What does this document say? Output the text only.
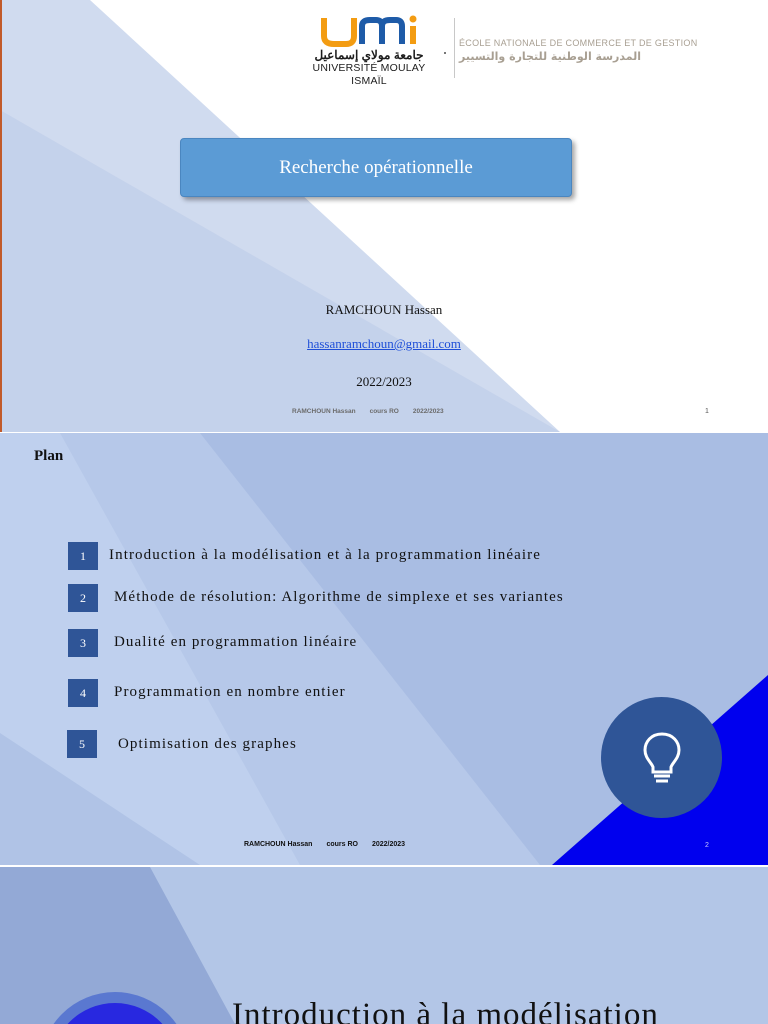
جامعة مولاي إسماعيل
UNIVERSITÉ MOULAY ISMAÏL
ÉCOLE NATIONALE DE COMMERCE ET DE GESTION
المدرسة الوطنية للتجارة والتسيير
Recherche opérationnelle
RAMCHOUN Hassan
hassanramchoun@gmail.com
2022/2023
RAMCHOUN Hassan cours RO 2022/2023	1
Plan
1	Introduction à la modélisation et à la programmation linéaire
2	Méthode de résolution: Algorithme de simplexe et ses variantes
3	Dualité en programmation linéaire
4	Programmation en nombre entier
5	Optimisation des graphes
RAMCHOUN Hassan cours RO 2022/2023	2
Introduction à la modélisation
